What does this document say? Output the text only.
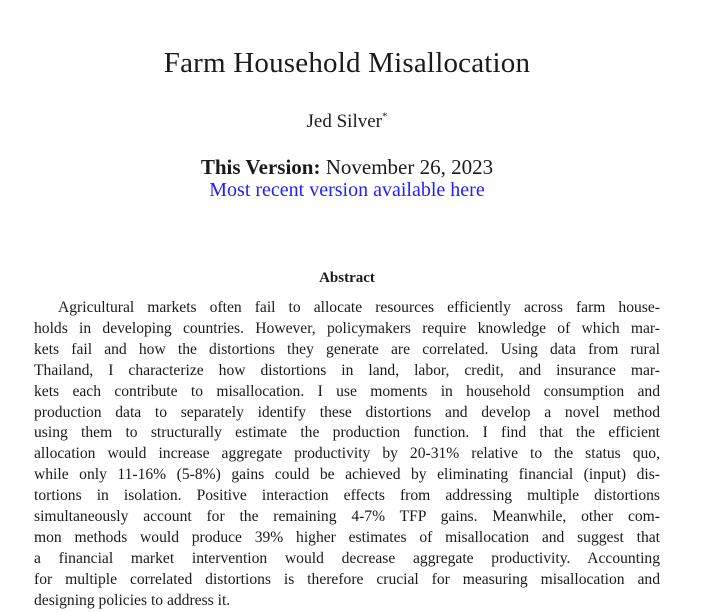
Farm Household Misallocation
Jed Silver*
This Version: November 26, 2023
Most recent version available here
Abstract
Agricultural markets often fail to allocate resources efficiently across farm house-
holds in developing countries. However, policymakers require knowledge of which mar-
kets fail and how the distortions they generate are correlated. Using data from rural
Thailand, I characterize how distortions in land, labor, credit, and insurance mar-
kets each contribute to misallocation. I use moments in household consumption and
production data to separately identify these distortions and develop a novel method
using them to structurally estimate the production function. I find that the efficient
allocation would increase aggregate productivity by 20-31% relative to the status quo,
while only 11-16% (5-8%) gains could be achieved by eliminating financial (input) dis-
tortions in isolation. Positive interaction effects from addressing multiple distortions
simultaneously account for the remaining 4-7% TFP gains. Meanwhile, other com-
mon methods would produce 39% higher estimates of misallocation and suggest that
a financial market intervention would decrease aggregate productivity. Accounting
for multiple correlated distortions is therefore crucial for measuring misallocation and
designing policies to address it.
